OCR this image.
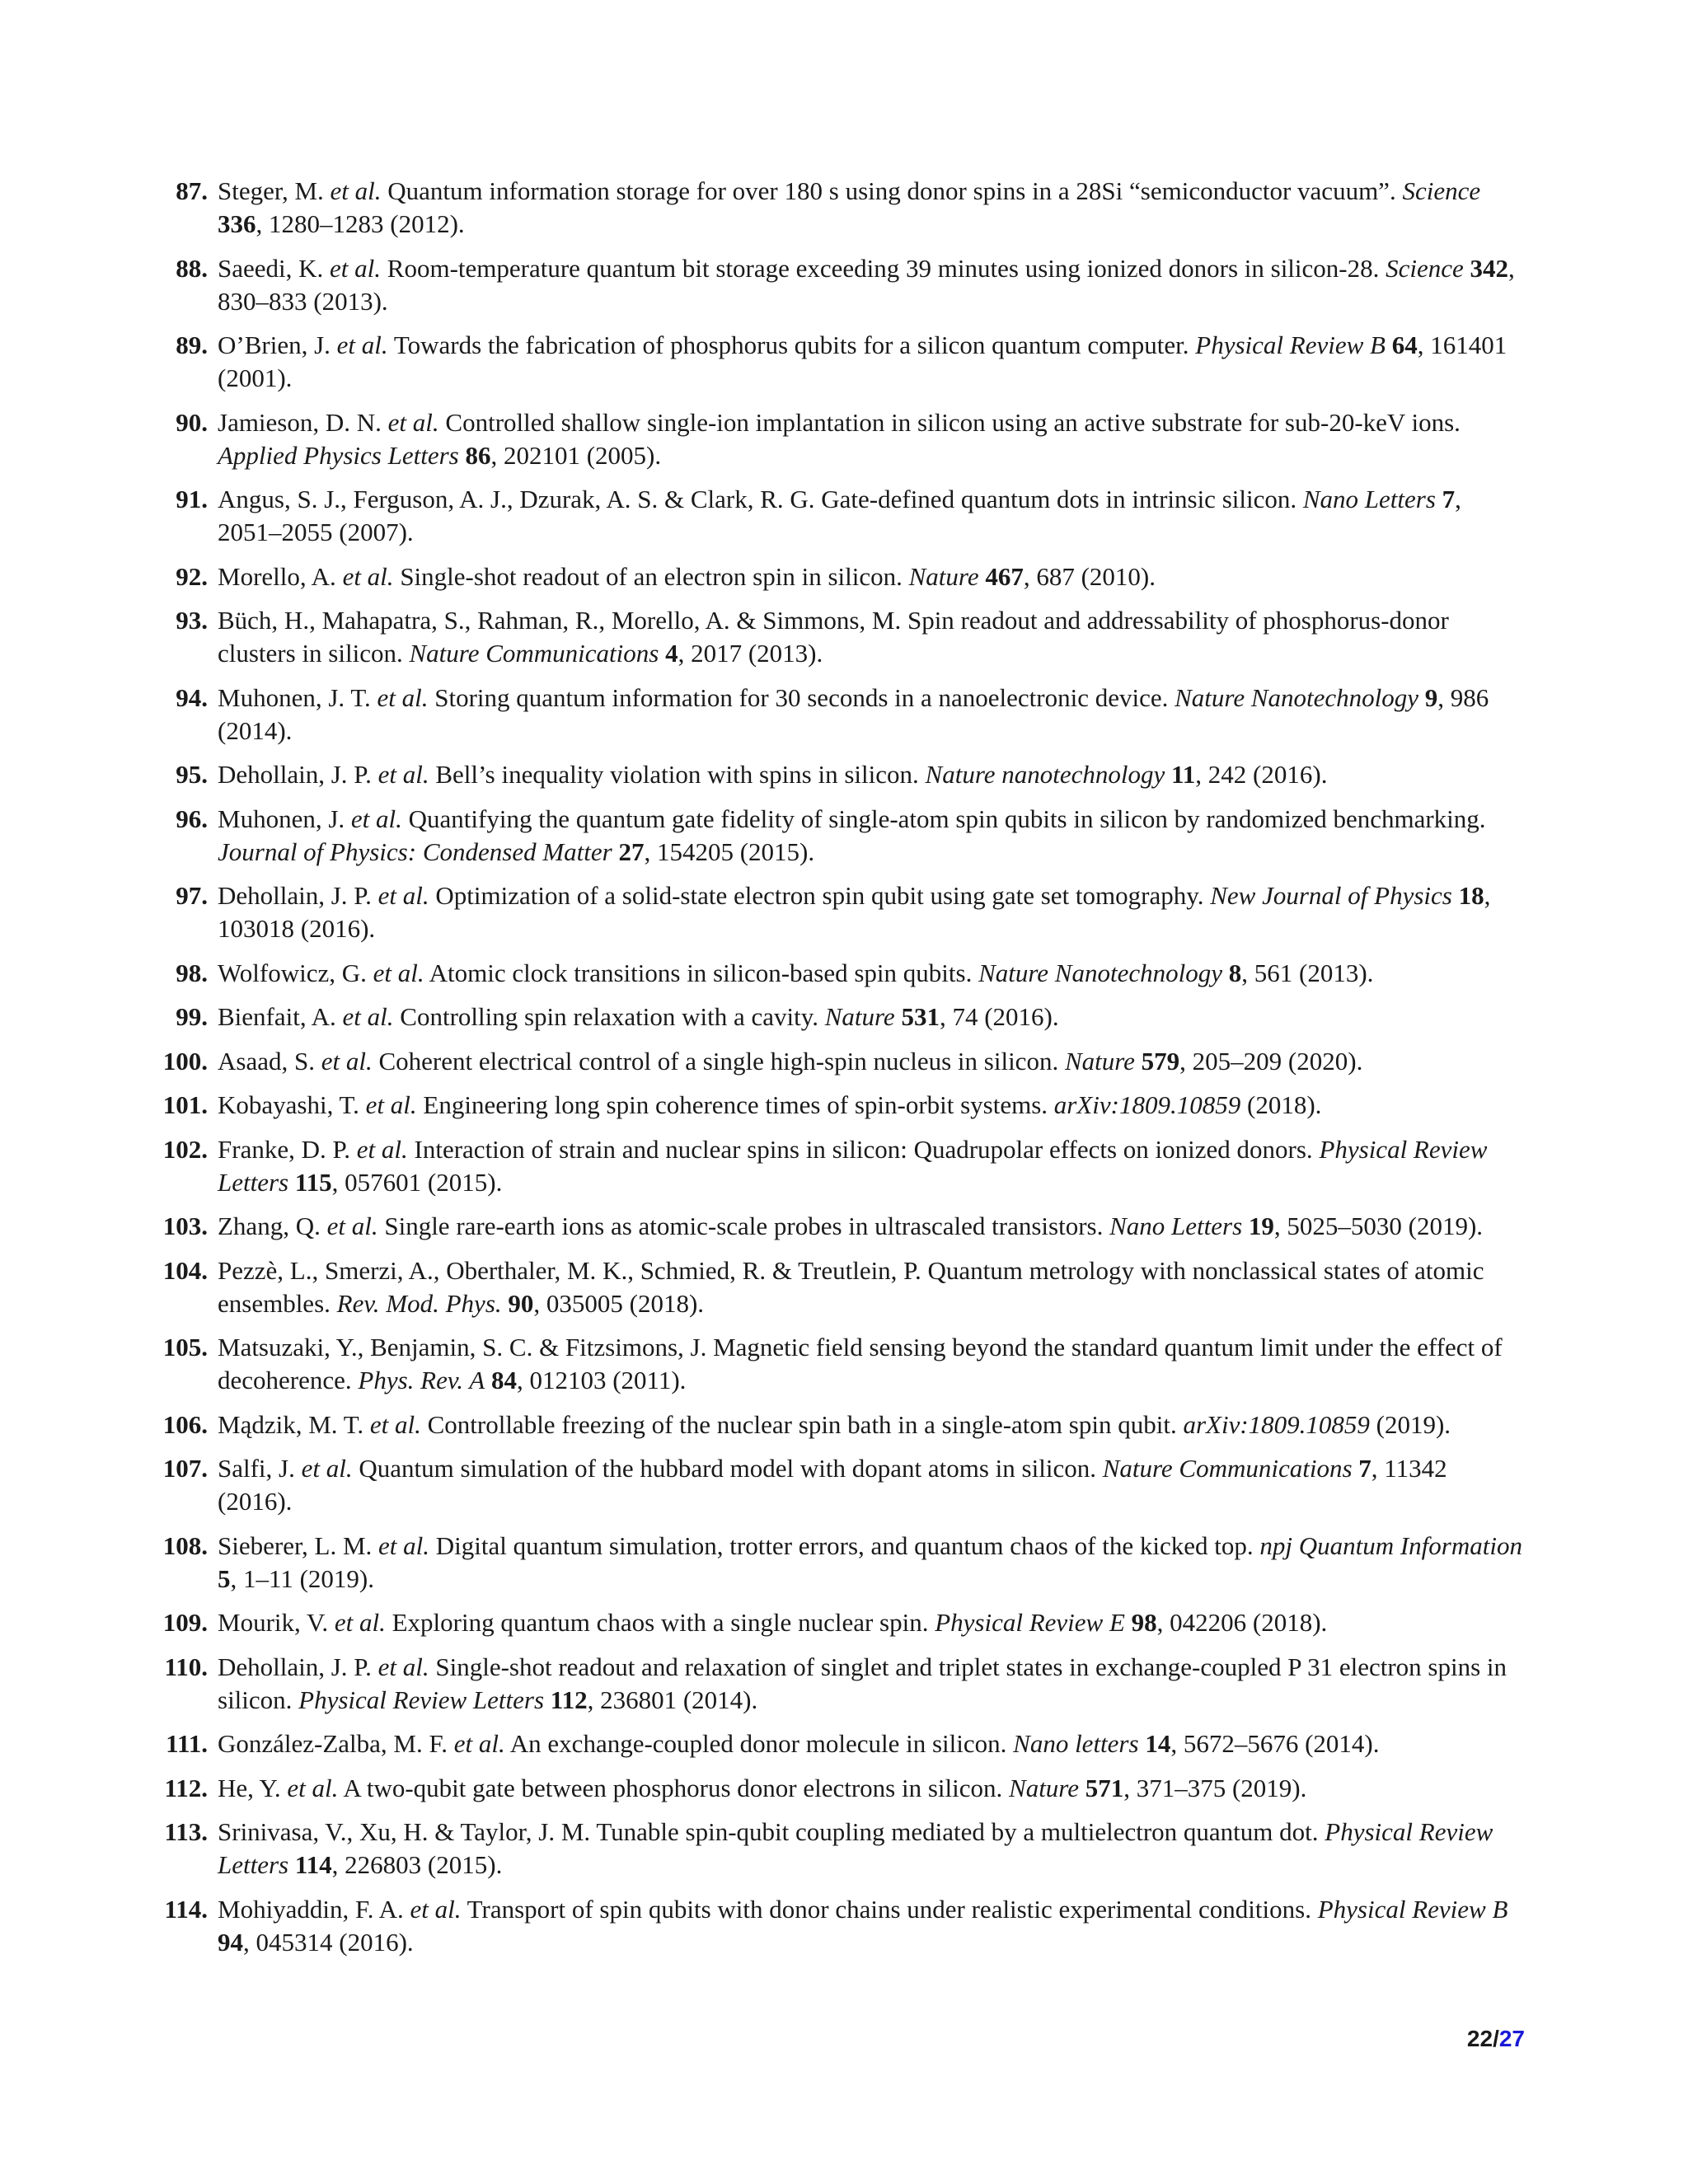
87. Steger, M. et al. Quantum information storage for over 180 s using donor spins in a 28Si “semiconductor vacuum”. Science 336, 1280–1283 (2012).
88. Saeedi, K. et al. Room-temperature quantum bit storage exceeding 39 minutes using ionized donors in silicon-28. Science 342, 830–833 (2013).
89. O’Brien, J. et al. Towards the fabrication of phosphorus qubits for a silicon quantum computer. Physical Review B 64, 161401 (2001).
90. Jamieson, D. N. et al. Controlled shallow single-ion implantation in silicon using an active substrate for sub-20-keV ions. Applied Physics Letters 86, 202101 (2005).
91. Angus, S. J., Ferguson, A. J., Dzurak, A. S. & Clark, R. G. Gate-defined quantum dots in intrinsic silicon. Nano Letters 7, 2051–2055 (2007).
92. Morello, A. et al. Single-shot readout of an electron spin in silicon. Nature 467, 687 (2010).
93. Büch, H., Mahapatra, S., Rahman, R., Morello, A. & Simmons, M. Spin readout and addressability of phosphorus-donor clusters in silicon. Nature Communications 4, 2017 (2013).
94. Muhonen, J. T. et al. Storing quantum information for 30 seconds in a nanoelectronic device. Nature Nanotechnology 9, 986 (2014).
95. Dehollain, J. P. et al. Bell’s inequality violation with spins in silicon. Nature nanotechnology 11, 242 (2016).
96. Muhonen, J. et al. Quantifying the quantum gate fidelity of single-atom spin qubits in silicon by randomized benchmarking. Journal of Physics: Condensed Matter 27, 154205 (2015).
97. Dehollain, J. P. et al. Optimization of a solid-state electron spin qubit using gate set tomography. New Journal of Physics 18, 103018 (2016).
98. Wolfowicz, G. et al. Atomic clock transitions in silicon-based spin qubits. Nature Nanotechnology 8, 561 (2013).
99. Bienfait, A. et al. Controlling spin relaxation with a cavity. Nature 531, 74 (2016).
100. Asaad, S. et al. Coherent electrical control of a single high-spin nucleus in silicon. Nature 579, 205–209 (2020).
101. Kobayashi, T. et al. Engineering long spin coherence times of spin-orbit systems. arXiv:1809.10859 (2018).
102. Franke, D. P. et al. Interaction of strain and nuclear spins in silicon: Quadrupolar effects on ionized donors. Physical Review Letters 115, 057601 (2015).
103. Zhang, Q. et al. Single rare-earth ions as atomic-scale probes in ultrascaled transistors. Nano Letters 19, 5025–5030 (2019).
104. Pezzè, L., Smerzi, A., Oberthaler, M. K., Schmied, R. & Treutlein, P. Quantum metrology with nonclassical states of atomic ensembles. Rev. Mod. Phys. 90, 035005 (2018).
105. Matsuzaki, Y., Benjamin, S. C. & Fitzsimons, J. Magnetic field sensing beyond the standard quantum limit under the effect of decoherence. Phys. Rev. A 84, 012103 (2011).
106. Mądzik, M. T. et al. Controllable freezing of the nuclear spin bath in a single-atom spin qubit. arXiv:1809.10859 (2019).
107. Salfi, J. et al. Quantum simulation of the hubbard model with dopant atoms in silicon. Nature Communications 7, 11342 (2016).
108. Sieberer, L. M. et al. Digital quantum simulation, trotter errors, and quantum chaos of the kicked top. npj Quantum Information 5, 1–11 (2019).
109. Mourik, V. et al. Exploring quantum chaos with a single nuclear spin. Physical Review E 98, 042206 (2018).
110. Dehollain, J. P. et al. Single-shot readout and relaxation of singlet and triplet states in exchange-coupled P 31 electron spins in silicon. Physical Review Letters 112, 236801 (2014).
111. González-Zalba, M. F. et al. An exchange-coupled donor molecule in silicon. Nano letters 14, 5672–5676 (2014).
112. He, Y. et al. A two-qubit gate between phosphorus donor electrons in silicon. Nature 571, 371–375 (2019).
113. Srinivasa, V., Xu, H. & Taylor, J. M. Tunable spin-qubit coupling mediated by a multielectron quantum dot. Physical Review Letters 114, 226803 (2015).
114. Mohiyaddin, F. A. et al. Transport of spin qubits with donor chains under realistic experimental conditions. Physical Review B 94, 045314 (2016).
22/27
